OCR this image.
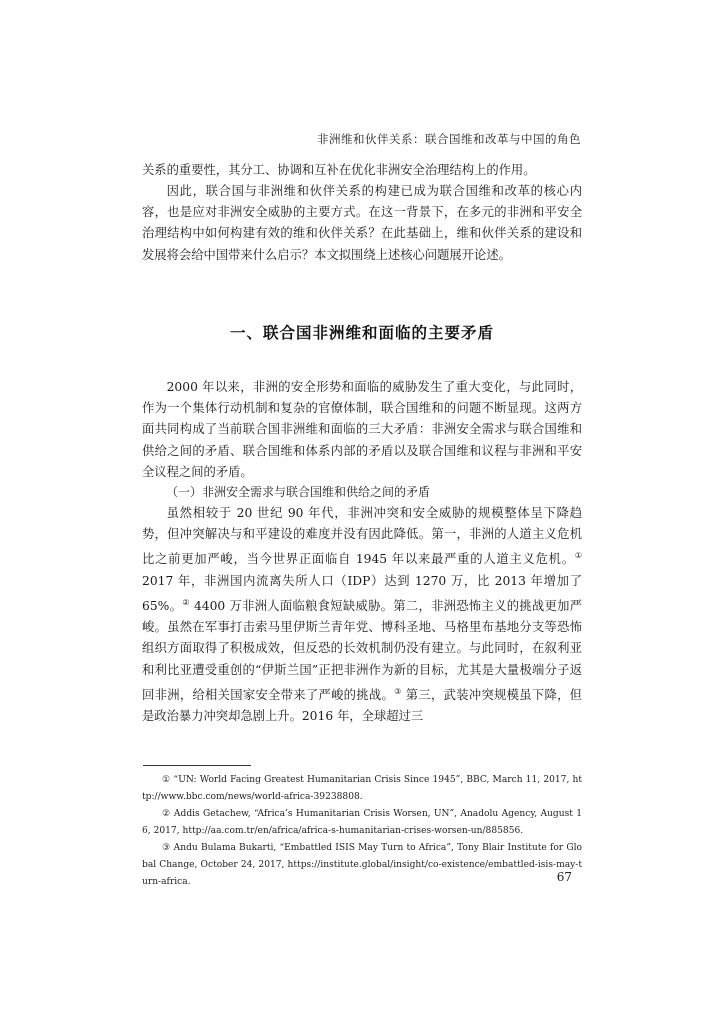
非洲维和伙伴关系：联合国维和改革与中国的角色

关系的重要性，其分工、协调和互补在优化非洲安全治理结构上的作用。

因此，联合国与非洲维和伙伴关系的构建已成为联合国维和改革的核心内容，也是应对非洲安全威胁的主要方式。在这一背景下，在多元的非洲和平安全治理结构中如何构建有效的维和伙伴关系？在此基础上，维和伙伴关系的建设和发展将会给中国带来什么启示？本文拟围绕上述核心问题展开论述。

一、联合国非洲维和面临的主要矛盾

2000 年以来，非洲的安全形势和面临的威胁发生了重大变化，与此同时，作为一个集体行动机制和复杂的官僚体制，联合国维和的问题不断显现。这两方面共同构成了当前联合国非洲维和面临的三大矛盾：非洲安全需求与联合国维和供给之间的矛盾、联合国维和体系内部的矛盾以及联合国维和议程与非洲和平安全议程之间的矛盾。

（一）非洲安全需求与联合国维和供给之间的矛盾

虽然相较于 20 世纪 90 年代，非洲冲突和安全威胁的规模整体呈下降趋势，但冲突解决与和平建设的难度并没有因此降低。第一，非洲的人道主义危机比之前更加严峻，当今世界正面临自 1945 年以来最严重的人道主义危机。① 2017 年，非洲国内流离失所人口（IDP）达到 1270 万，比 2013 年增加了 65%。② 4400 万非洲人面临粮食短缺威胁。第二，非洲恐怖主义的挑战更加严峻。虽然在军事打击索马里伊斯兰青年党、博科圣地、马格里布基地分支等恐怖组织方面取得了积极成效，但反恐的长效机制仍没有建立。与此同时，在叙利亚和利比亚遭受重创的“伊斯兰国”正把非洲作为新的目标，尤其是大量极端分子返回非洲，给相关国家安全带来了严峻的挑战。③ 第三，武装冲突规模虽下降，但是政治暴力冲突却急剧上升。2016 年，全球超过三

① “UN: World Facing Greatest Humanitarian Crisis Since 1945”, BBC, March 11, 2017, http://www.bbc.com/news/world-africa-39238808.

② Addis Getachew, “Africa’s Humanitarian Crisis Worsen, UN”, Anadolu Agency, August 16, 2017, http://aa.com.tr/en/africa/africa-s-humanitarian-crises-worsen-un/885856.

③ Andu Bulama Bukarti, “Embattled ISIS May Turn to Africa”, Tony Blair Institute for Global Change, October 24, 2017, https://institute.global/insight/co-existence/embattled-isis-may-turn-africa.	67
